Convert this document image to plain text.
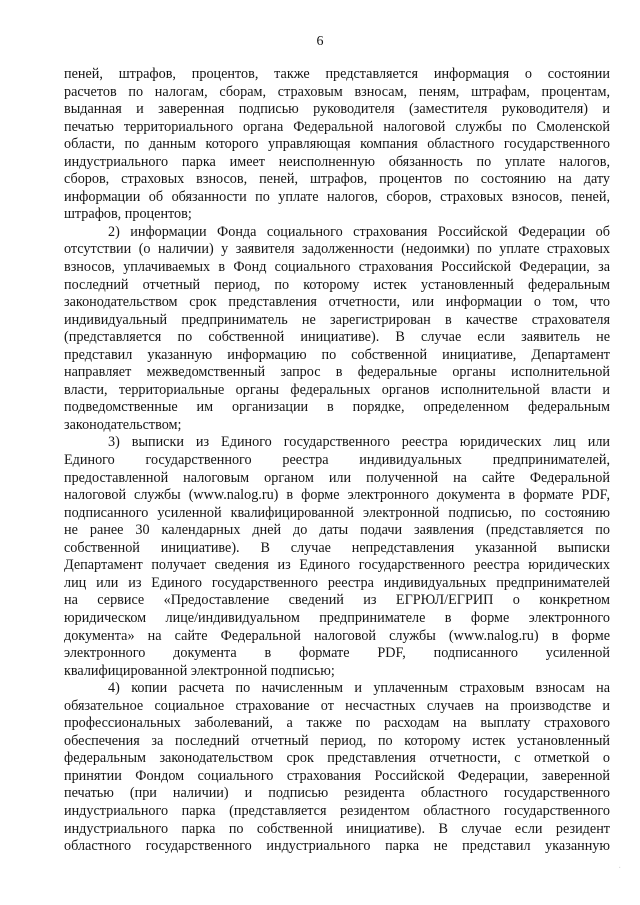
6
пеней, штрафов, процентов, также представляется информация о состоянии
расчетов по налогам, сборам, страховым взносам, пеням, штрафам, процентам,
выданная и заверенная подписью руководителя (заместителя руководителя) и
печатью территориального органа Федеральной налоговой службы по Смоленской
области, по данным которого управляющая компания областного государственного
индустриального парка имеет неисполненную обязанность по уплате налогов,
сборов, страховых взносов, пеней, штрафов, процентов по состоянию на дату
информации об обязанности по уплате налогов, сборов, страховых взносов, пеней,
штрафов, процентов;
2) информации Фонда социального страхования Российской Федерации об
отсутствии (о наличии) у заявителя задолженности (недоимки) по уплате страховых
взносов, уплачиваемых в Фонд социального страхования Российской Федерации, за
последний отчетный период, по которому истек установленный федеральным
законодательством срок представления отчетности, или информации о том, что
индивидуальный предприниматель не зарегистрирован в качестве страхователя
(представляется по собственной инициативе). В случае если заявитель не
представил указанную информацию по собственной инициативе, Департамент
направляет межведомственный запрос в федеральные органы исполнительной
власти, территориальные органы федеральных органов исполнительной власти и
подведомственные им организации в порядке, определенном федеральным
законодательством;
3) выписки из Единого государственного реестра юридических лиц или
Единого государственного реестра индивидуальных предпринимателей,
предоставленной налоговым органом или полученной на сайте Федеральной
налоговой службы (www.nalog.ru) в форме электронного документа в формате PDF,
подписанного усиленной квалифицированной электронной подписью, по состоянию
не ранее 30 календарных дней до даты подачи заявления (представляется по
собственной инициативе). В случае непредставления указанной выписки
Департамент получает сведения из Единого государственного реестра юридических
лиц или из Единого государственного реестра индивидуальных предпринимателей
на сервисе «Предоставление сведений из ЕГРЮЛ/ЕГРИП о конкретном
юридическом лице/индивидуальном предпринимателе в форме электронного
документа» на сайте Федеральной налоговой службы (www.nalog.ru) в форме
электронного документа в формате PDF, подписанного усиленной
квалифицированной электронной подписью;
4) копии расчета по начисленным и уплаченным страховым взносам на
обязательное социальное страхование от несчастных случаев на производстве и
профессиональных заболеваний, а также по расходам на выплату страхового
обеспечения за последний отчетный период, по которому истек установленный
федеральным законодательством срок представления отчетности, с отметкой о
принятии Фондом социального страхования Российской Федерации, заверенной
печатью (при наличии) и подписью резидента областного государственного
индустриального парка (представляется резидентом областного государственного
индустриального парка по собственной инициативе). В случае если резидент
областного государственного индустриального парка не представил указанную
·
